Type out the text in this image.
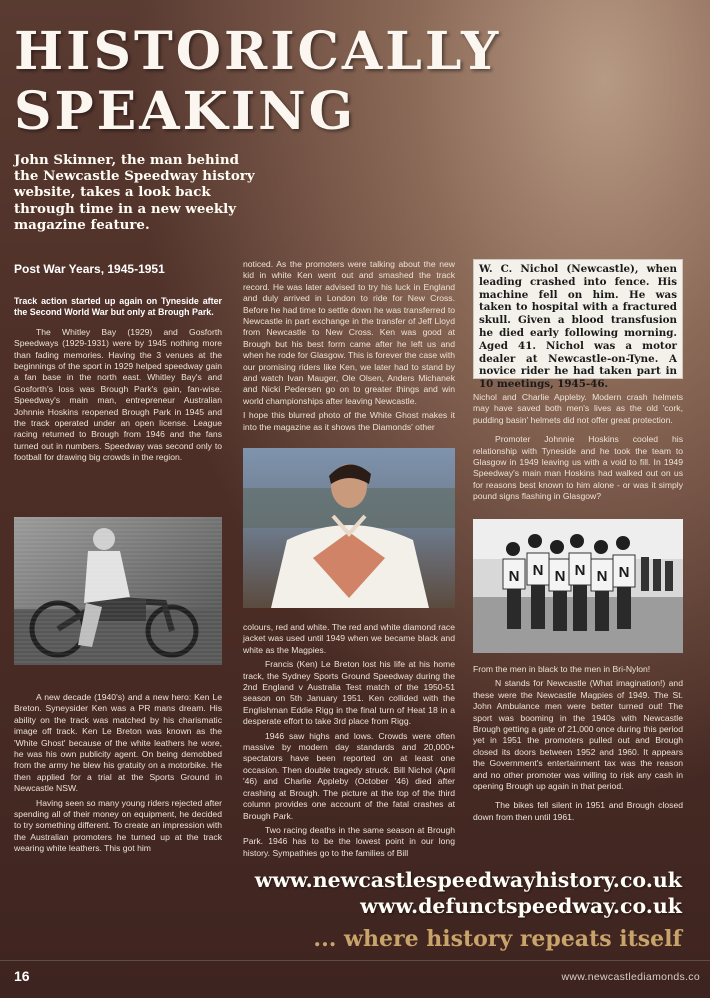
HISTORICALLY
SPEAKING
John Skinner, the man behind the Newcastle Speedway history website, takes a look back through time in a new weekly magazine feature.
Post War Years, 1945-1951
Track action started up again on Tyneside after the Second World War but only at Brough Park.

The Whitley Bay (1929) and Gosforth Speedways (1929-1931) were by 1945 nothing more than fading memories. Having the 3 venues at the beginnings of the sport in 1929 helped speedway gain a fan base in the north east. Whitley Bay's and Gosforth's loss was Brough Park's gain, fan-wise. Speedway's main man, entrepreneur Australian Johnnie Hoskins reopened Brough Park in 1945 and the track operated under an open license. League racing returned to Brough from 1946 and the fans turned out in numbers. Speedway was second only to football for drawing big crowds in the region.

A new decade (1940's) and a new hero: Ken Le Breton. Syneysider Ken was a PR mans dream. His ability on the track was matched by his charismatic image off track. Ken Le Breton was known as the 'White Ghost' because of the white leathers he wore, he was his own publicity agent. On being demobbed from the army he blew his gratuity on a motorbike. He then applied for a trial at the Sports Ground in Newcastle NSW.

Having seen so many young riders rejected after spending all of their money on equipment, he decided to try something different. To create an impression with the Australian promoters he turned up at the track wearing white leathers. This got him

noticed. As the promoters were talking about the new kid in white Ken went out and smashed the track record. He was later advised to try his luck in England and duly arrived in London to ride for New Cross. Before he had time to settle down he was transferred to Newcastle in part exchange in the transfer of Jeff Lloyd from Newcastle to New Cross. Ken was good at Brough but his best form came after he left us and when he rode for Glasgow. This is forever the case with our promising riders like Ken, we later had to stand by and watch Ivan Mauger, Ole Olsen, Anders Michanek and Nicki Pedersen go on to greater things and win world championships after leaving Newcastle.

I hope this blurred photo of the White Ghost makes it into the magazine as it shows the Diamonds' other

colours, red and white. The red and white diamond race jacket was used until 1949 when we became black and white as the Magpies.

Francis (Ken) Le Breton lost his life at his home track, the Sydney Sports Ground Speedway during the 2nd England v Australia Test match of the 1950-51 season on 5th January 1951. Ken collided with the Englishman Eddie Rigg in the final turn of Heat 18 in a desperate effort to take 3rd place from Rigg.

1946 saw highs and lows. Crowds were often massive by modern day standards and 20,000+ spectators have been reported on at least one occasion. Then double tragedy struck. Bill Nichol (April '46) and Charlie Appleby (October '46) died after crashing at Brough. The picture at the top of the third column provides one account of the fatal crashes at Brough Park.

Two racing deaths in the same season at Brough Park. 1946 has to be the lowest point in our long history. Sympathies go to the families of Bill

W. C. Nichol (Newcastle), when leading crashed into fence. His machine fell on him. He was taken to hospital with a fractured skull. Given a blood transfusion he died early following morning. Aged 41. Nichol was a motor dealer at Newcastle-on-Tyne. A novice rider he had taken part in 10 meetings, 1945-46.

Nichol and Charlie Appleby. Modern crash helmets may have saved both men's lives as the old 'cork, pudding basin' helmets did not offer great protection.

Promoter Johnnie Hoskins cooled his relationship with Tyneside and he took the team to Glasgow in 1949 leaving us with a void to fill. In 1949 Speedway's main man Hoskins had walked out on us for reasons best known to him alone - or was it simply pound signs flashing in Glasgow?

N N N N N N

From the men in black to the men in Bri-Nylon!

N stands for Newcastle (What imagination!) and these were the Newcastle Magpies of 1949. The St. John Ambulance men were better turned out! The sport was booming in the 1940s with Newcastle Brough getting a gate of 21,000 once during this period yet in 1951 the promoters pulled out and Brough closed its doors between 1952 and 1960. It appears the Government's entertainment tax was the reason and no other promoter was willing to risk any cash in opening Brough up again in that period.

The bikes fell silent in 1951 and Brough closed down from then until 1961.

www.newcastlespeedwayhistory.co.uk
www.defunctspeedway.co.uk
... where history repeats itself
16	www.newcastlediamonds.co
